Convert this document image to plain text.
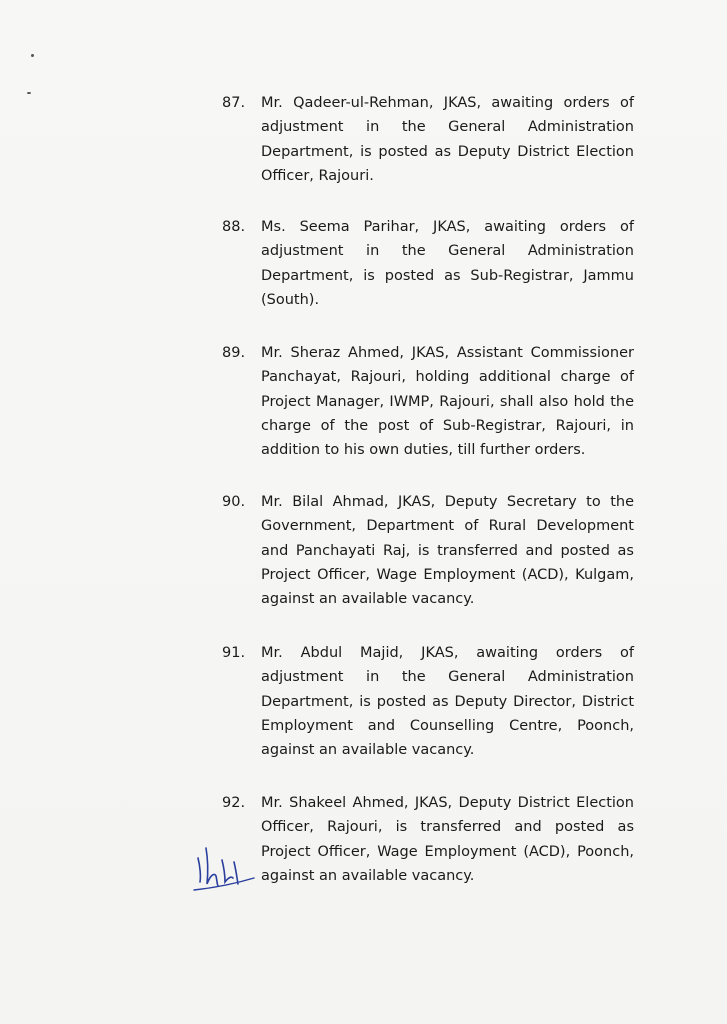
87.	Mr. Qadeer-ul-Rehman, JKAS, awaiting orders of adjustment in the General Administration Department, is posted as Deputy District Election Officer, Rajouri.
88.	Ms. Seema Parihar, JKAS, awaiting orders of adjustment in the General Administration Department, is posted as Sub-Registrar, Jammu (South).
89.	Mr. Sheraz Ahmed, JKAS, Assistant Commissioner Panchayat, Rajouri, holding additional charge of Project Manager, IWMP, Rajouri, shall also hold the charge of the post of Sub-Registrar, Rajouri, in addition to his own duties, till further orders.
90.	Mr. Bilal Ahmad, JKAS, Deputy Secretary to the Government, Department of Rural Development and Panchayati Raj, is transferred and posted as Project Officer, Wage Employment (ACD), Kulgam, against an available vacancy.
91.	Mr. Abdul Majid, JKAS, awaiting orders of adjustment in the General Administration Department, is posted as Deputy Director, District Employment and Counselling Centre, Poonch, against an available vacancy.
92.	Mr. Shakeel Ahmed, JKAS, Deputy District Election Officer, Rajouri, is transferred and posted as Project Officer, Wage Employment (ACD), Poonch, against an available vacancy.
